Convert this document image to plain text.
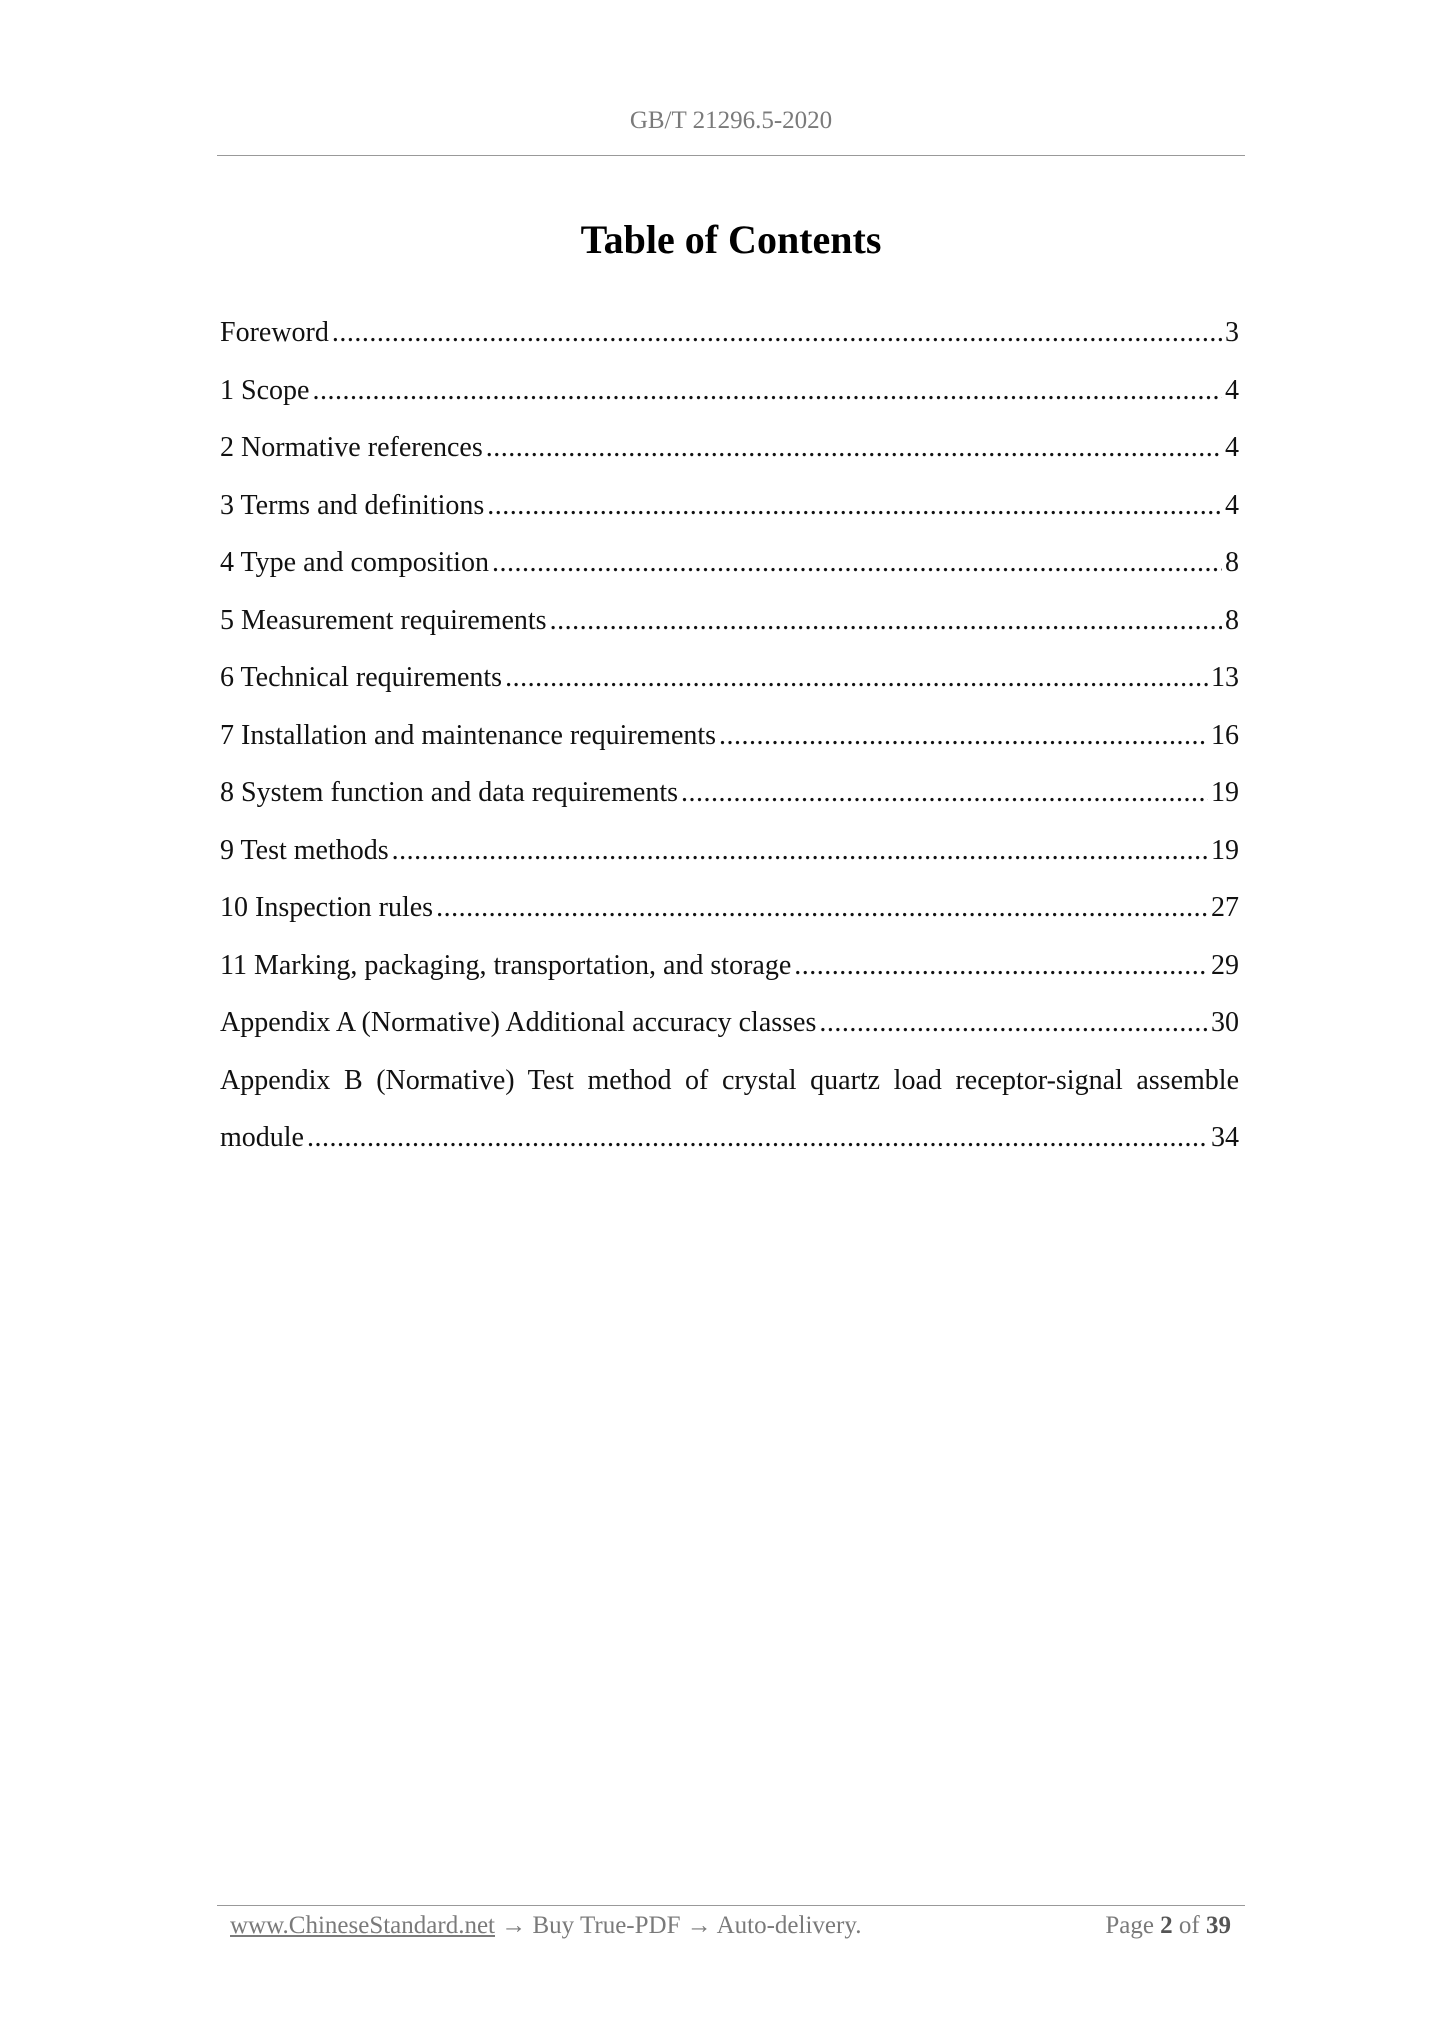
GB/T 21296.5-2020
Table of Contents
Foreword .....	3
1 Scope .....	4
2 Normative references .....	4
3 Terms and definitions .....	4
4 Type and composition .....	8
5 Measurement requirements .....	8
6 Technical requirements .....	13
7 Installation and maintenance requirements .....	16
8 System function and data requirements .....	19
9 Test methods .....	19
10 Inspection rules .....	27
11 Marking, packaging, transportation, and storage .....	29
Appendix A (Normative) Additional accuracy classes .....	30
Appendix B (Normative) Test method of crystal quartz load receptor-signal assemble
module .....	34
www.ChineseStandard.net → Buy True-PDF → Auto-delivery.	Page 2 of 39
